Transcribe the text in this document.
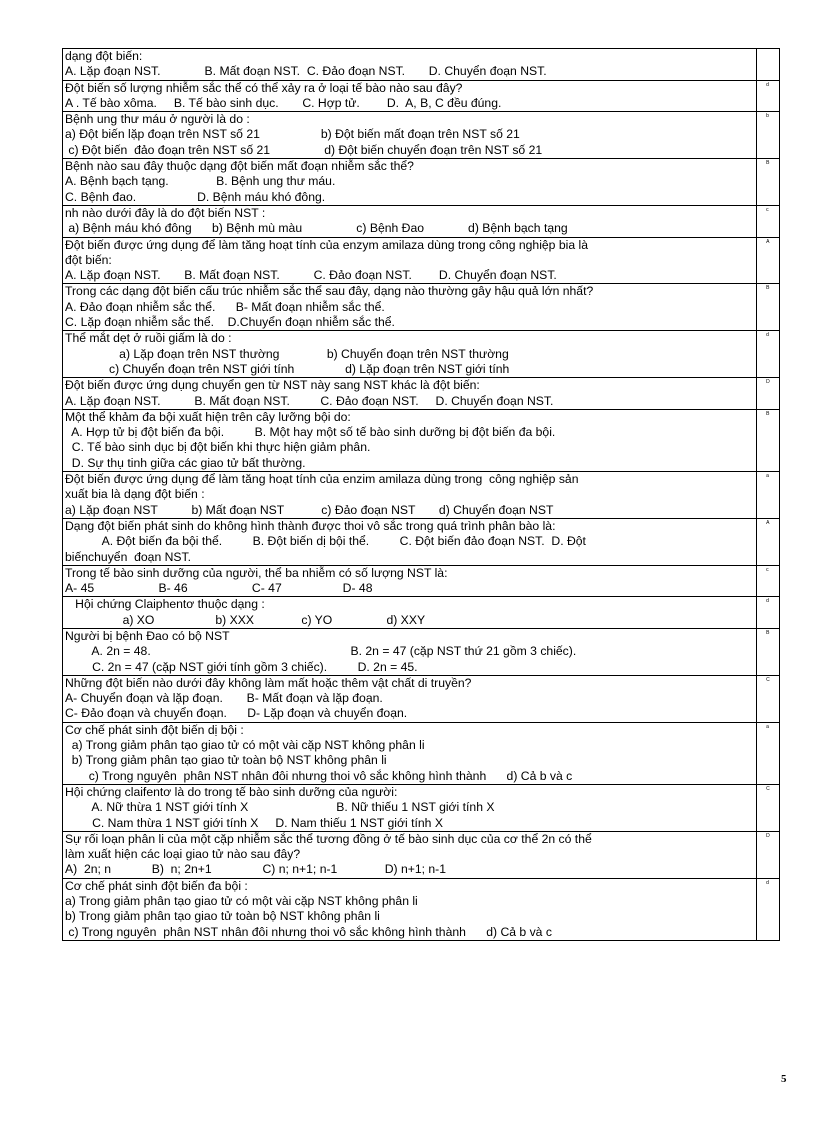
dạng đột biến:
A. Lặp đoạn NST.             B. Mất đoạn NST.  C. Đảo đoạn NST.       D. Chuyển đoạn NST.
Đột biến số lượng nhiễm sắc thể có thể xảy ra ở loại tế bào nào sau đây?
A . Tế bào xôma.     B. Tế bào sinh dục.       C. Hợp tử.        D.  A, B, C đều đúng.
d
Bệnh ung thư máu ở người là do :
a) Đột biến lặp đoạn trên NST số 21                  b) Đột biến mất đoạn trên NST số 21
c) Đột biến  đảo đoạn trên NST số 21                d) Đột biến chuyển đoạn trên NST số 21
b
Bệnh nào sau đây thuộc dạng đột biến mất đoạn nhiễm sắc thể?
A. Bệnh bạch tạng.              B. Bệnh ung thư máu.
C. Bệnh đao.                  D. Bệnh máu khó đông.
B
nh nào dưới đây là do đột biến NST :
a) Bệnh máu khó đông      b) Bệnh mù màu                c) Bệnh Đao             d) Bệnh bạch tạng
c
Đột biến được ứng dụng để làm tăng hoạt tính của enzym amilaza dùng trong công nghiệp bia là
đột biến:
A. Lặp đoạn NST.       B. Mất đoạn NST.          C. Đảo đoạn NST.        D. Chuyển đoạn NST.
A
Trong các dạng đột biến cấu trúc nhiễm sắc thể sau đây, dạng nào thường gây hậu quả lớn nhất?
A. Đảo đoạn nhiễm sắc thể.      B- Mất đoạn nhiễm sắc thể.
C. Lặp đoạn nhiễm sắc thể.    D.Chuyển đoạn nhiễm sắc thể.
B
Thể mắt dẹt ở ruồi giấm là do :
a) Lặp đoạn trên NST thường              b) Chuyển đoạn trên NST thường
c) Chuyển đoạn trên NST giới tính               d) Lặp đoạn trên NST giới tính
d
Đột biến được ứng dụng chuyển gen từ NST này sang NST khác là đột biến:
A. Lặp đoạn NST.          B. Mất đoạn NST.         C. Đảo đoạn NST.     D. Chuyển đoạn NST.
D
Một thể khảm đa bội xuất hiện trên cây lưỡng bội do:
A. Hợp tử bị đột biến đa bội.         B. Một hay một số tế bào sinh dưỡng bị đột biến đa bội.
C. Tế bào sinh dục bị đột biến khi thực hiện giảm phân.
D. Sự thụ tinh giữa các giao tử bất thường.
B
Đột biến được ứng dụng để làm tăng hoạt tính của enzim amilaza dùng trong  công nghiệp sản
xuất bia là dạng đột biến :
a) Lặp đoạn NST          b) Mất đoạn NST           c) Đảo đoạn NST       d) Chuyển đoạn NST
a
Dạng đột biến phát sinh do không hình thành được thoi vô sắc trong quá trình phân bào là:
A. Đột biến đa bội thể.         B. Đột biến dị bội thể.         C. Đột biến đảo đoạn NST.  D. Đột
biếnchuyển  đoạn NST.
A
Trong tế bào sinh dưỡng của người, thể ba nhiễm có số lượng NST là:
A- 45                   B- 46                   C- 47                  D- 48
c
Hội chứng Claiphentơ thuộc dạng :
a) XO                  b) XXX              c) YO                d) XXY
d
Người bị bệnh Đao có bộ NST
A. 2n = 48.                                                           B. 2n = 47 (cặp NST thứ 21 gồm 3 chiếc).
C. 2n = 47 (cặp NST giới tính gồm 3 chiếc).         D. 2n = 45.
B
Những đột biến nào dưới đây không làm mất hoặc thêm vật chất di truyền?
A- Chuyển đoạn và lặp đoạn.       B- Mất đoạn và lặp đoạn.
C- Đảo đoạn và chuyển đoạn.      D- Lặp đoạn và chuyển đoạn.
C
Cơ chế phát sinh đột biến dị bội :
a) Trong giảm phân tạo giao tử có một vài cặp NST không phân li
b) Trong giảm phân tạo giao tử toàn bộ NST không phân li
c) Trong nguyên  phân NST nhân đôi nhưng thoi vô sắc không hình thành      d) Cả b và c
a
Hội chứng claifentơ là do trong tế bào sinh dưỡng của người:
A. Nữ thừa 1 NST giới tính X                          B. Nữ thiếu 1 NST giới tính X
C. Nam thừa 1 NST giới tính X     D. Nam thiếu 1 NST giới tính X
C
Sự rối loạn phân li của một cặp nhiễm sắc thể tương đồng ở tế bào sinh dục của cơ thể 2n có thể
làm xuất hiện các loại giao tử nào sau đây?
A)  2n; n            B)  n; 2n+1               C) n; n+1; n-1              D) n+1; n-1
D
Cơ chế phát sinh đột biến đa bội :
a) Trong giảm phân tạo giao tử có một vài cặp NST không phân li
b) Trong giảm phân tạo giao tử toàn bộ NST không phân li
c) Trong nguyên  phân NST nhân đôi nhưng thoi vô sắc không hình thành      d) Cả b và c
d
5
